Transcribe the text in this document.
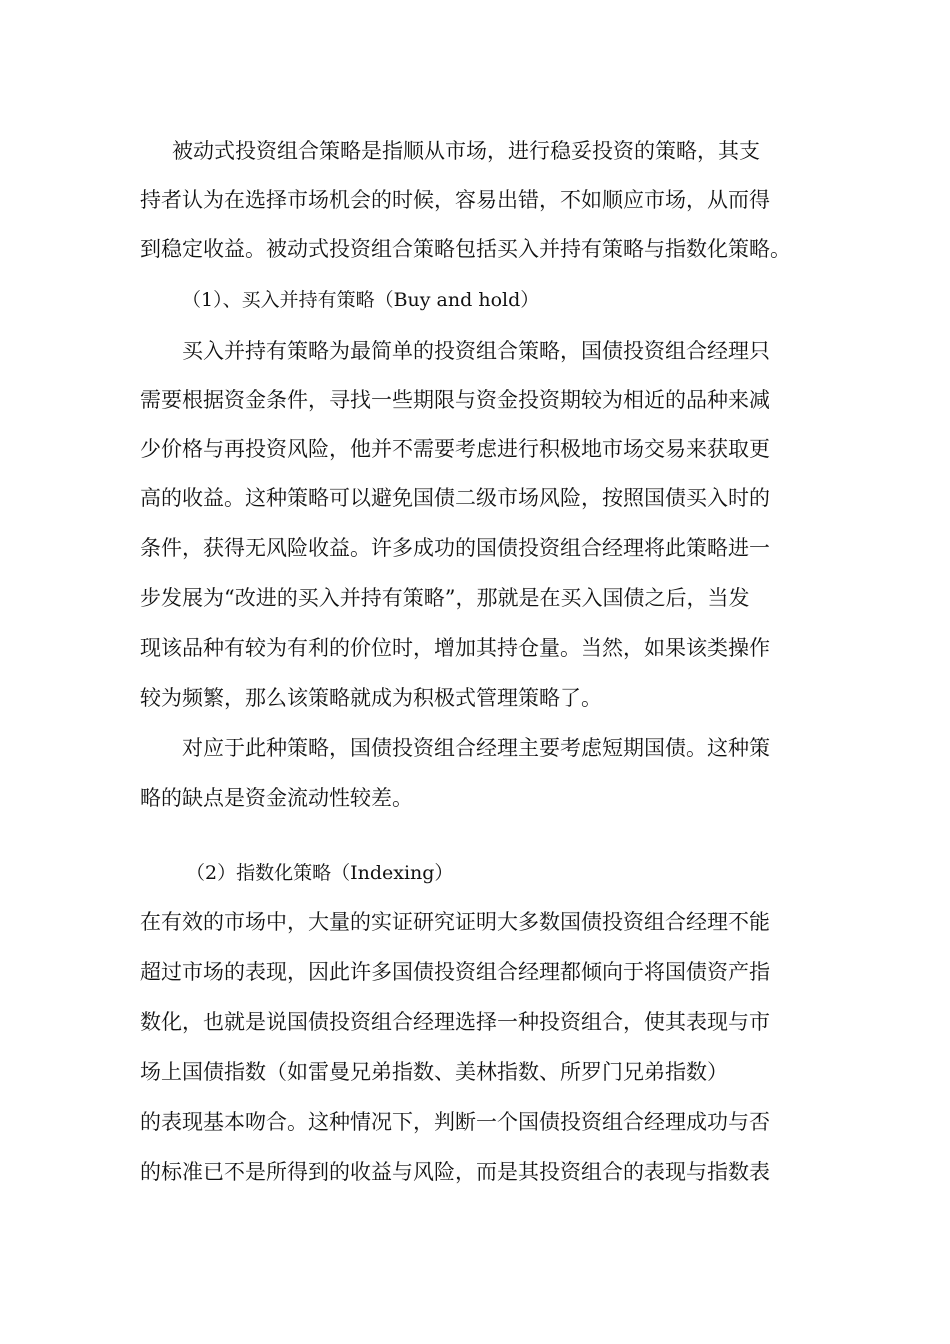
被动式投资组合策略是指顺从市场，进行稳妥投资的策略，其支
持者认为在选择市场机会的时候，容易出错，不如顺应市场，从而得
到稳定收益。被动式投资组合策略包括买入并持有策略与指数化策略。
（1）、买入并持有策略（Buy and hold）
买入并持有策略为最简单的投资组合策略，国债投资组合经理只
需要根据资金条件，寻找一些期限与资金投资期较为相近的品种来减
少价格与再投资风险，他并不需要考虑进行积极地市场交易来获取更
高的收益。这种策略可以避免国债二级市场风险，按照国债买入时的
条件，获得无风险收益。许多成功的国债投资组合经理将此策略进一
步发展为“改进的买入并持有策略”，那就是在买入国债之后，当发
现该品种有较为有利的价位时，增加其持仓量。当然，如果该类操作
较为频繁，那么该策略就成为积极式管理策略了。
对应于此种策略，国债投资组合经理主要考虑短期国债。这种策
略的缺点是资金流动性较差。
（2）指数化策略（Indexing）
在有效的市场中，大量的实证研究证明大多数国债投资组合经理不能
超过市场的表现，因此许多国债投资组合经理都倾向于将国债资产指
数化，也就是说国债投资组合经理选择一种投资组合，使其表现与市
场上国债指数（如雷曼兄弟指数、美林指数、所罗门兄弟指数）
的表现基本吻合。这种情况下，判断一个国债投资组合经理成功与否
的标准已不是所得到的收益与风险，而是其投资组合的表现与指数表
